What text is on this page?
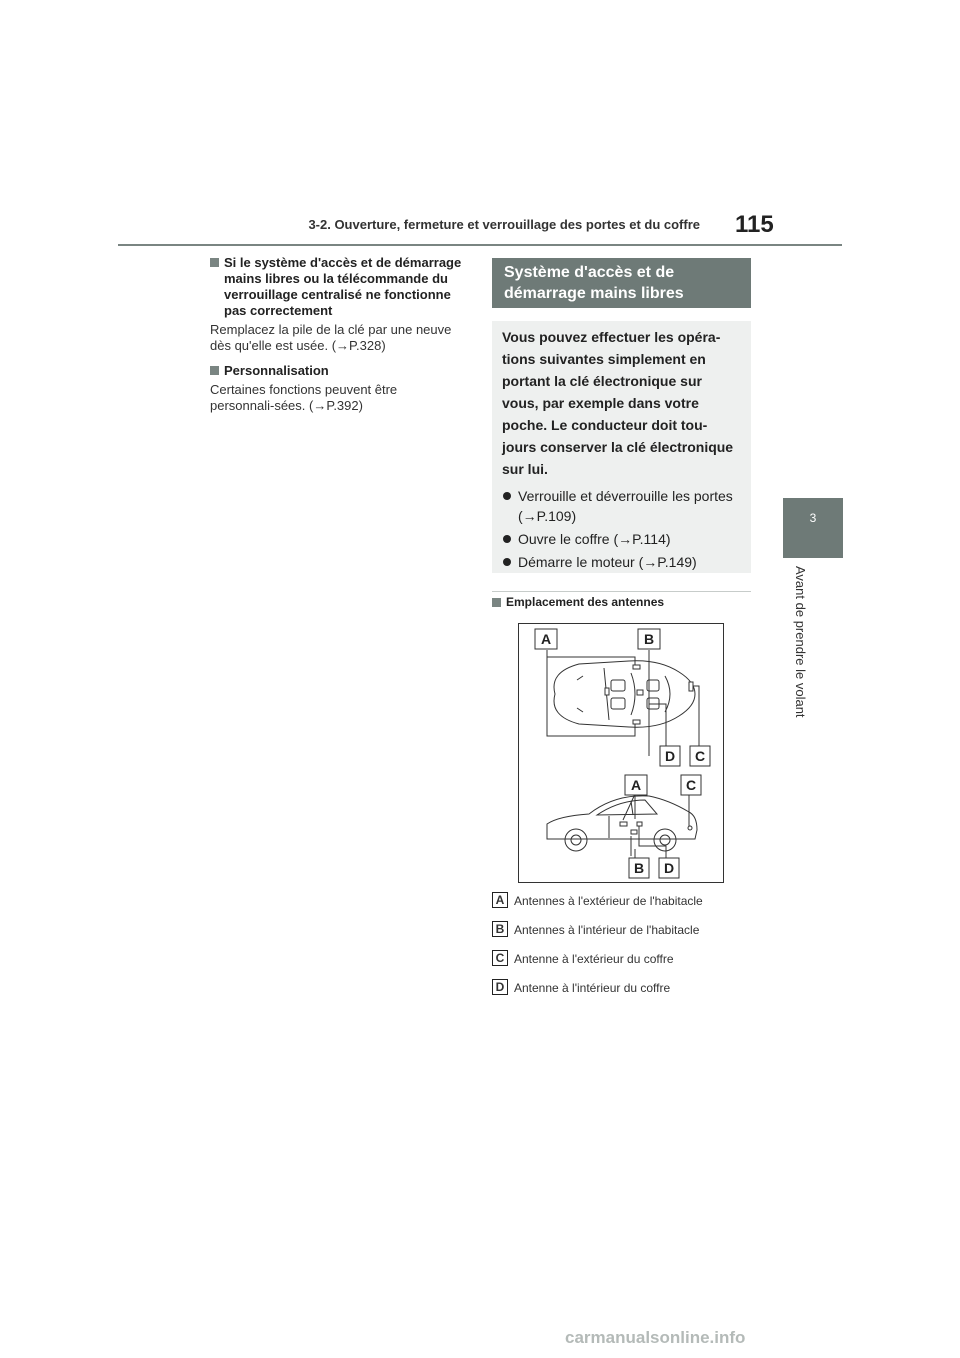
3-2. Ouverture, fermeture et verrouillage des portes et du coffre 115
3
Avant de prendre le volant
Si le système d'accès et de démarrage mains libres ou la télécommande du verrouillage centralisé ne fonctionne pas correctement
Remplacez la pile de la clé par une neuve dès qu'elle est usée. (→P.328)
Personnalisation
Certaines fonctions peuvent être personnali-sées. (→P.392)
Système d'accès et de démarrage mains libres
Vous pouvez effectuer les opéra-tions suivantes simplement en portant la clé électronique sur vous, par exemple dans votre poche. Le conducteur doit tou-jours conserver la clé électronique sur lui.
Verrouille et déverrouille les portes (→P.109)
Ouvre le coffre (→P.114)
Démarre le moteur (→P.149)
Emplacement des antennes
A	B
D C
A	C
B D
A Antennes à l'extérieur de l'habitacle
B Antennes à l'intérieur de l'habitacle
C Antenne à l'extérieur du coffre
D Antenne à l'intérieur du coffre
carmanualsonline.info
